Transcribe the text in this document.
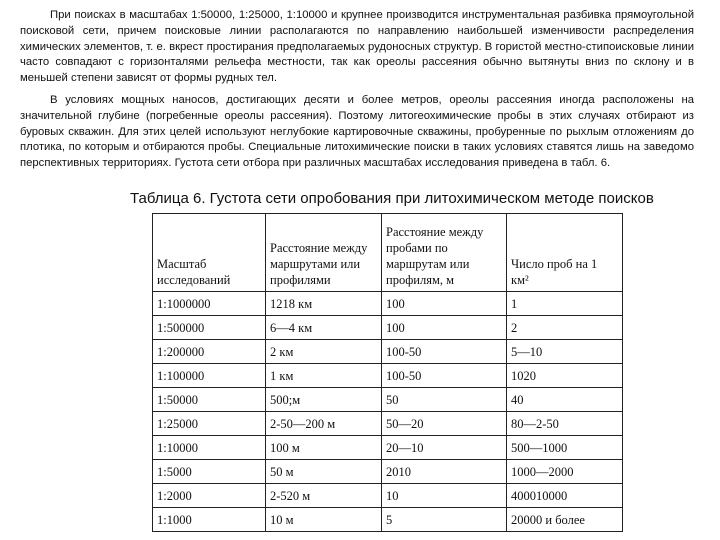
При поисках в масштабах 1:50000, 1:25000, 1:10000 и крупнее производится инструментальная разбивка прямоугольной поисковой сети, причем поисковые линии располагаются по направлению наибольшей изменчивости распределения химических элементов, т. е. вкрест простирания предполагаемых рудоносных структур. В гористой местно-стипоисковые линии часто совпадают с горизонталями рельефа местности, так как ореолы рассеяния обычно вытянуты вниз по склону и в меньшей степени зависят от формы рудных тел.

В условиях мощных наносов, достигающих десяти и более метров, ореолы рассеяния иногда расположены на значительной глубине (погребенные ореолы рассеяния). Поэтому литогеохимические пробы в этих случаях отбирают из буровых скважин. Для этих целей используют неглубокие картировочные скважины, пробуренные по рыхлым отложениям до плотика, по которым и отбираются пробы. Специальные литохимические поиски в таких условиях ставятся лишь на заведомо перспективных территориях. Густота сети отбора при различных масштабах исследования приведена в табл. 6.

Таблица 6. Густота сети опробования при литохимическом методе поисков

Масштаб исследований	Расстояние между маршрутами или профилями	Расстояние между пробами по маршрутам или профилям, м	Число проб на 1 км²
1:1000000	1218 км	100	1
1:500000	6—4 км	100	2
1:200000	2 км	100-50	5—10
1:100000	1 км	100-50	1020
1:50000	500;м	50	40
1:25000	2-50—200 м	50—20	80—2-50
1:10000	100 м	20—10	500—1000
1:5000	50 м	2010	1000—2000
1:2000	2-520 м	10	400010000
1:1000	10 м	5	20000 и более
